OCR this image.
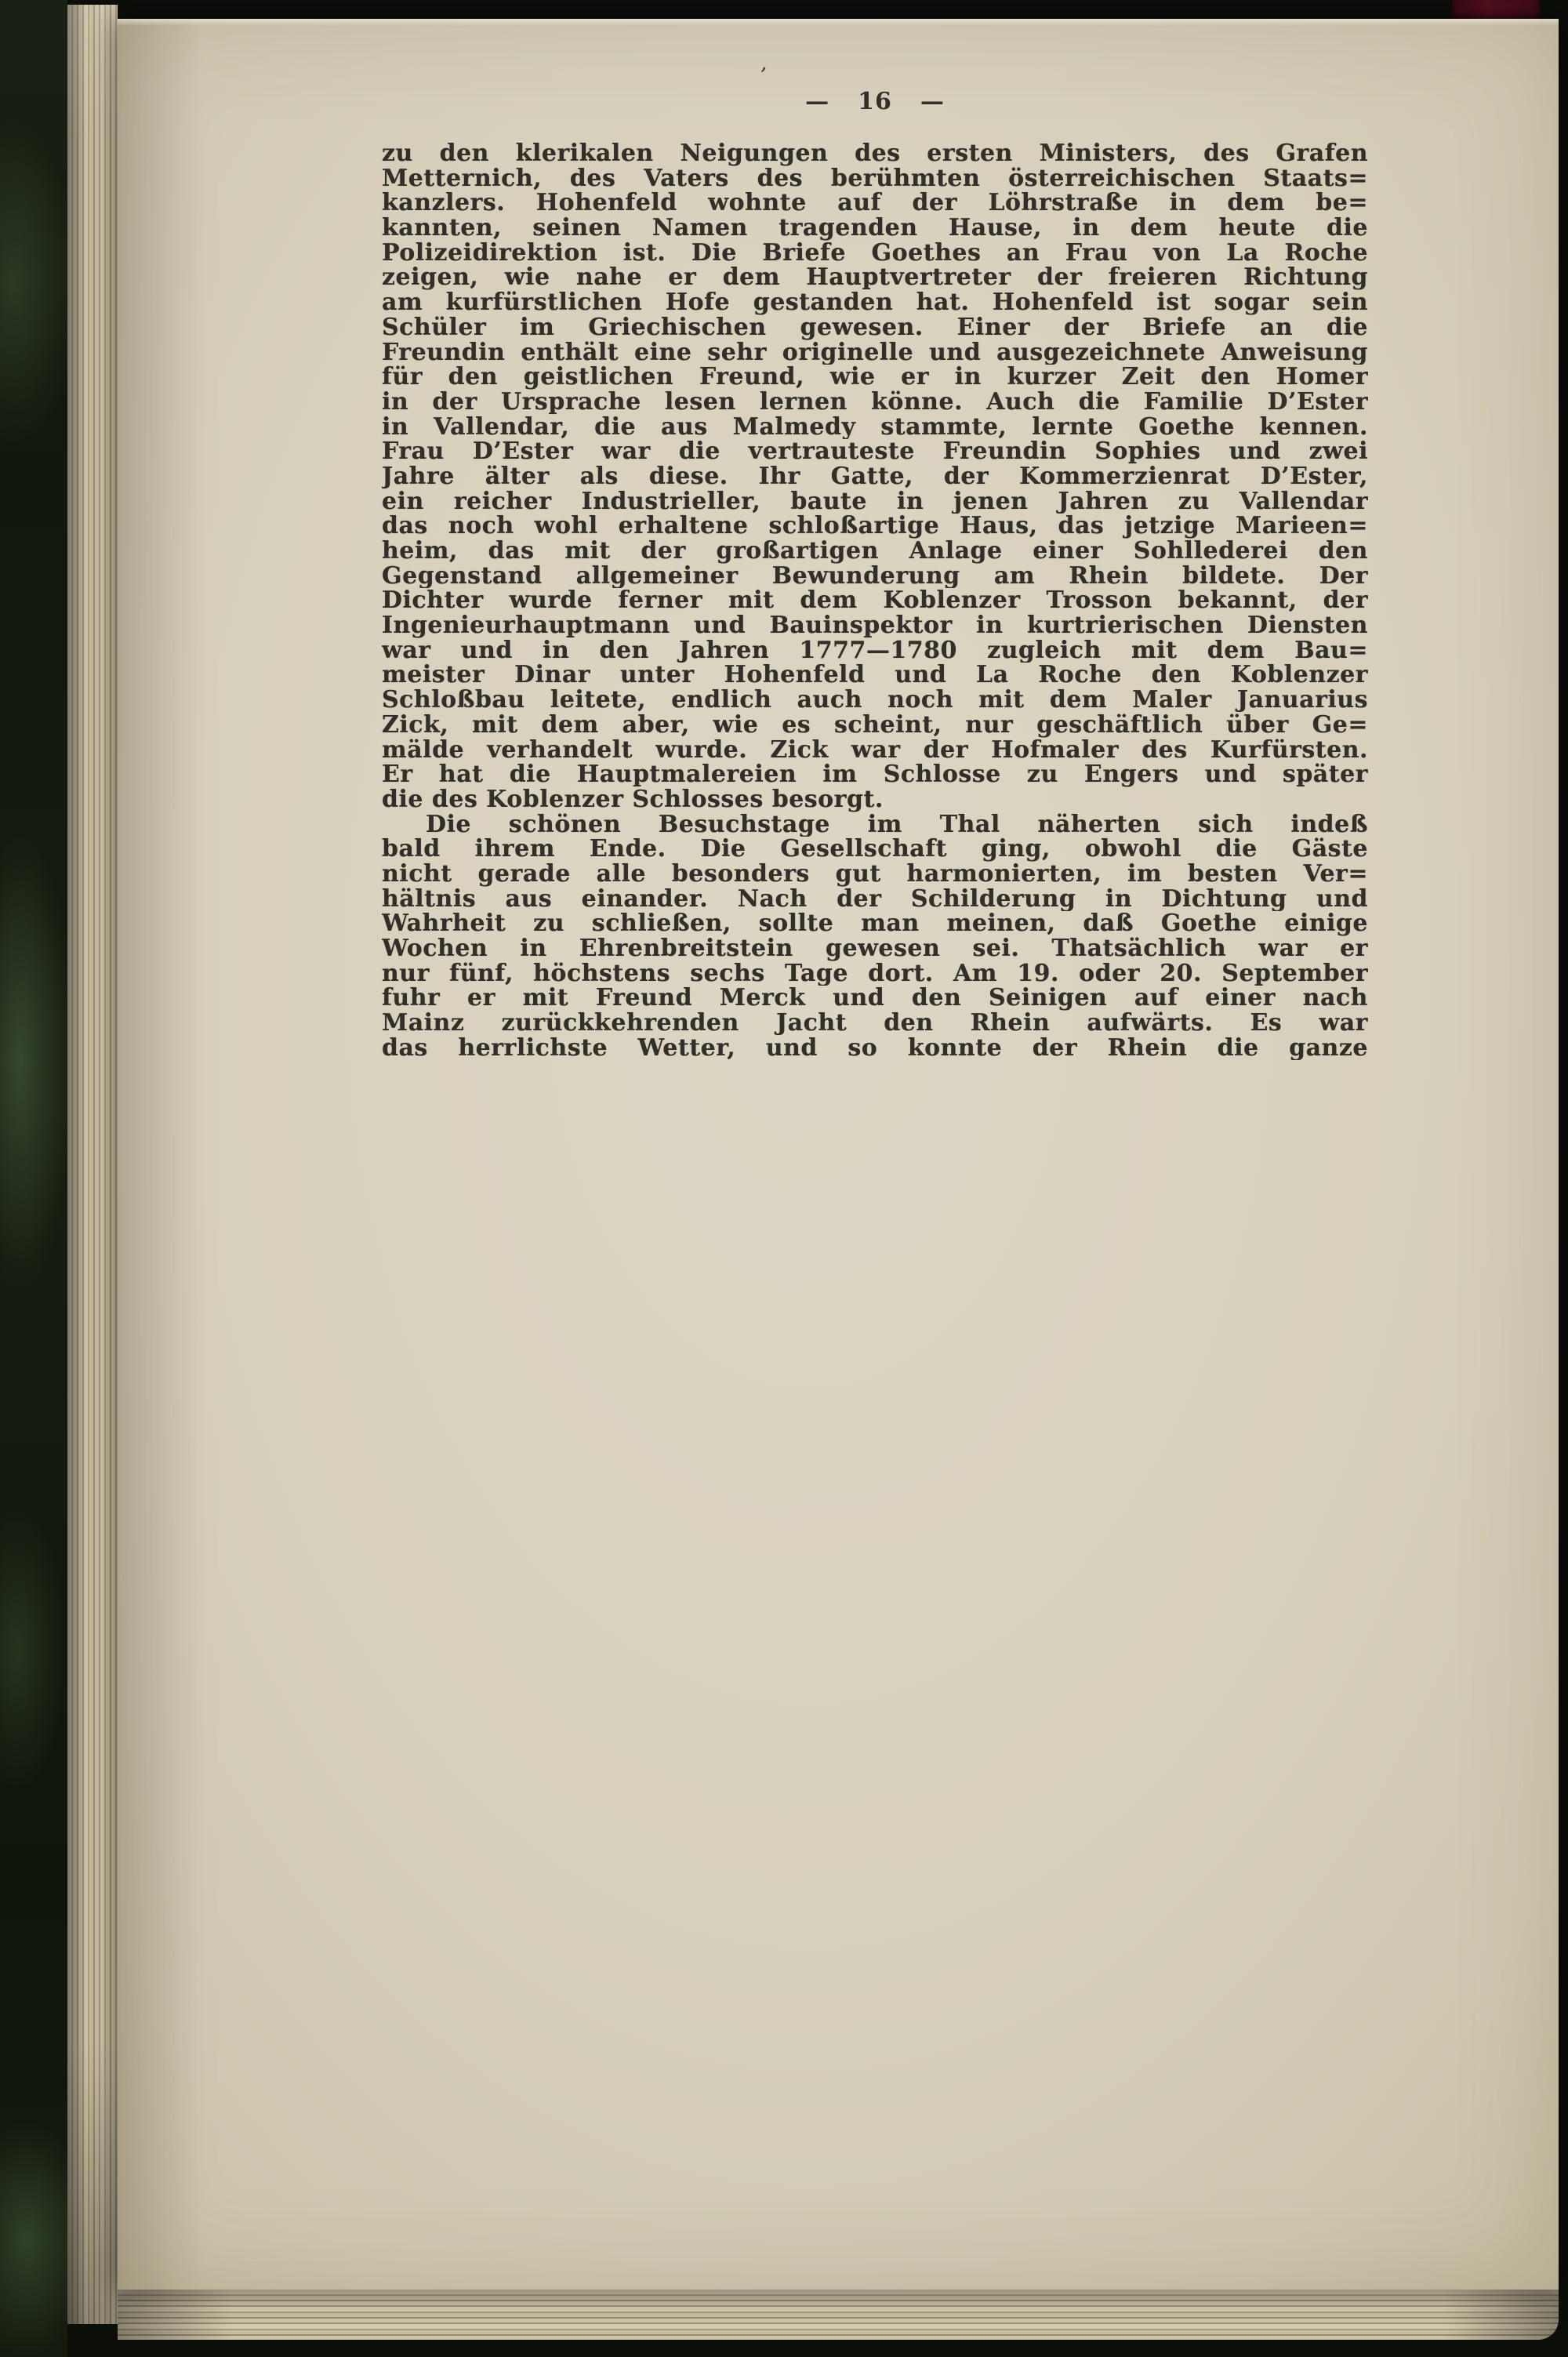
ʼ
— 16 —
zu den klerikalen Neigungen des ersten Ministers, des Grafen
Metternich, des Vaters des berühmten österreichischen Staats=
kanzlers. Hohenfeld wohnte auf der Löhrstraße in dem be=
kannten, seinen Namen tragenden Hause, in dem heute die
Polizeidirektion ist. Die Briefe Goethes an Frau von La Roche
zeigen, wie nahe er dem Hauptvertreter der freieren Richtung
am kurfürstlichen Hofe gestanden hat. Hohenfeld ist sogar sein
Schüler im Griechischen gewesen. Einer der Briefe an die
Freundin enthält eine sehr originelle und ausgezeichnete Anweisung
für den geistlichen Freund, wie er in kurzer Zeit den Homer
in der Ursprache lesen lernen könne. Auch die Familie D’Ester
in Vallendar, die aus Malmedy stammte, lernte Goethe kennen.
Frau D’Ester war die vertrauteste Freundin Sophies und zwei
Jahre älter als diese. Ihr Gatte, der Kommerzienrat D’Ester,
ein reicher Industrieller, baute in jenen Jahren zu Vallendar
das noch wohl erhaltene schloßartige Haus, das jetzige Marieen=
heim, das mit der großartigen Anlage einer Sohllederei den
Gegenstand allgemeiner Bewunderung am Rhein bildete. Der
Dichter wurde ferner mit dem Koblenzer Trosson bekannt, der
Ingenieurhauptmann und Bauinspektor in kurtrierischen Diensten
war und in den Jahren 1777—1780 zugleich mit dem Bau=
meister Dinar unter Hohenfeld und La Roche den Koblenzer
Schloßbau leitete, endlich auch noch mit dem Maler Januarius
Zick, mit dem aber, wie es scheint, nur geschäftlich über Ge=
mälde verhandelt wurde. Zick war der Hofmaler des Kurfürsten.
Er hat die Hauptmalereien im Schlosse zu Engers und später
die des Koblenzer Schlosses besorgt.
Die schönen Besuchstage im Thal näherten sich indeß
bald ihrem Ende. Die Gesellschaft ging, obwohl die Gäste
nicht gerade alle besonders gut harmonierten, im besten Ver=
hältnis aus einander. Nach der Schilderung in Dichtung und
Wahrheit zu schließen, sollte man meinen, daß Goethe einige
Wochen in Ehrenbreitstein gewesen sei. Thatsächlich war er
nur fünf, höchstens sechs Tage dort. Am 19. oder 20. September
fuhr er mit Freund Merck und den Seinigen auf einer nach
Mainz zurückkehrenden Jacht den Rhein aufwärts. Es war
das herrlichste Wetter, und so konnte der Rhein die ganze
